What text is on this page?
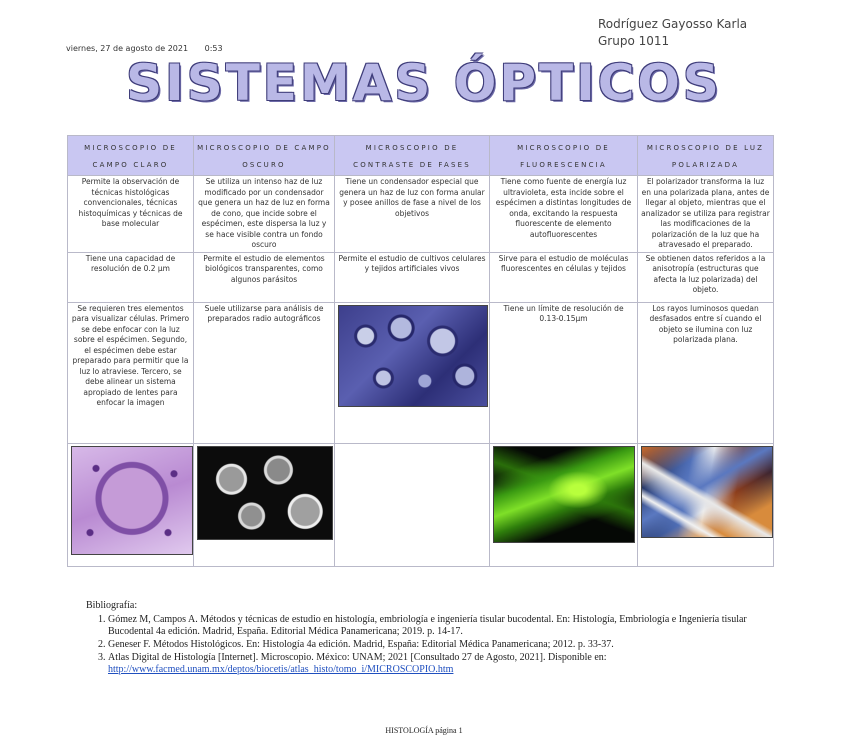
viernes, 27 de agosto de 2021 0:53
Rodríguez Gayosso Karla
Grupo 1011
SISTEMAS ÓPTICOS
MICROSCOPIO DE CAMPO CLARO	MICROSCOPIO DE CAMPO OSCURO	MICROSCOPIO DE CONTRASTE DE FASES	MICROSCOPIO DE FLUORESCENCIA	MICROSCOPIO DE LUZ POLARIZADA
Permite la observación de técnicas histológicas convencionales, técnicas histoquímicas y técnicas de base molecular	Se utiliza un intenso haz de luz modificado por un condensador que genera un haz de luz en forma de cono, que incide sobre el espécimen, este dispersa la luz y se hace visible contra un fondo oscuro	Tiene un condensador especial que genera un haz de luz con forma anular y posee anillos de fase a nivel de los objetivos	Tiene como fuente de energía luz ultravioleta, esta incide sobre el espécimen a distintas longitudes de onda, excitando la respuesta fluorescente de elemento autofluorescentes	El polarizador transforma la luz en una polarizada plana, antes de llegar al objeto, mientras que el analizador se utiliza para registrar las modificaciones de la polarización de la luz que ha atravesado el preparado.
Tiene una capacidad de resolución de 0.2 µm	Permite el estudio de elementos biológicos transparentes, como algunos parásitos	Permite el estudio de cultivos celulares y tejidos artificiales vivos	Sirve para el estudio de moléculas fluorescentes en células y tejidos	Se obtienen datos referidos a la anisotropía (estructuras que afecta la luz polarizada) del objeto.
Se requieren tres elementos para visualizar células. Primero se debe enfocar con la luz sobre el espécimen. Segundo, el espécimen debe estar preparado para permitir que la luz lo atraviese. Tercero, se debe alinear un sistema apropiado de lentes para enfocar la imagen	Suele utilizarse para análisis de preparados radio autográficos		Tiene un límite de resolución de 0.13-0.15µm	Los rayos luminosos quedan desfasados entre sí cuando el objeto se ilumina con luz polarizada plana.

Bibliografía:
1. Gómez M, Campos A. Métodos y técnicas de estudio en histología, embriología e ingeniería tisular bucodental. En: Histología, Embriología e Ingeniería tisular Bucodental 4a edición. Madrid, España. Editorial Médica Panamericana; 2019. p. 14-17.
2. Geneser F. Métodos Histológicos. En: Histología 4a edición. Madrid, España: Editorial Médica Panamericana; 2012. p. 33-37.
3. Atlas Digital de Histología [Internet]. Microscopio. México: UNAM; 2021 [Consultado 27 de Agosto, 2021]. Disponible en:
http://www.facmed.unam.mx/deptos/biocetis/atlas_histo/tomo_i/MICROSCOPIO.htm
HISTOLOGÍA página 1
